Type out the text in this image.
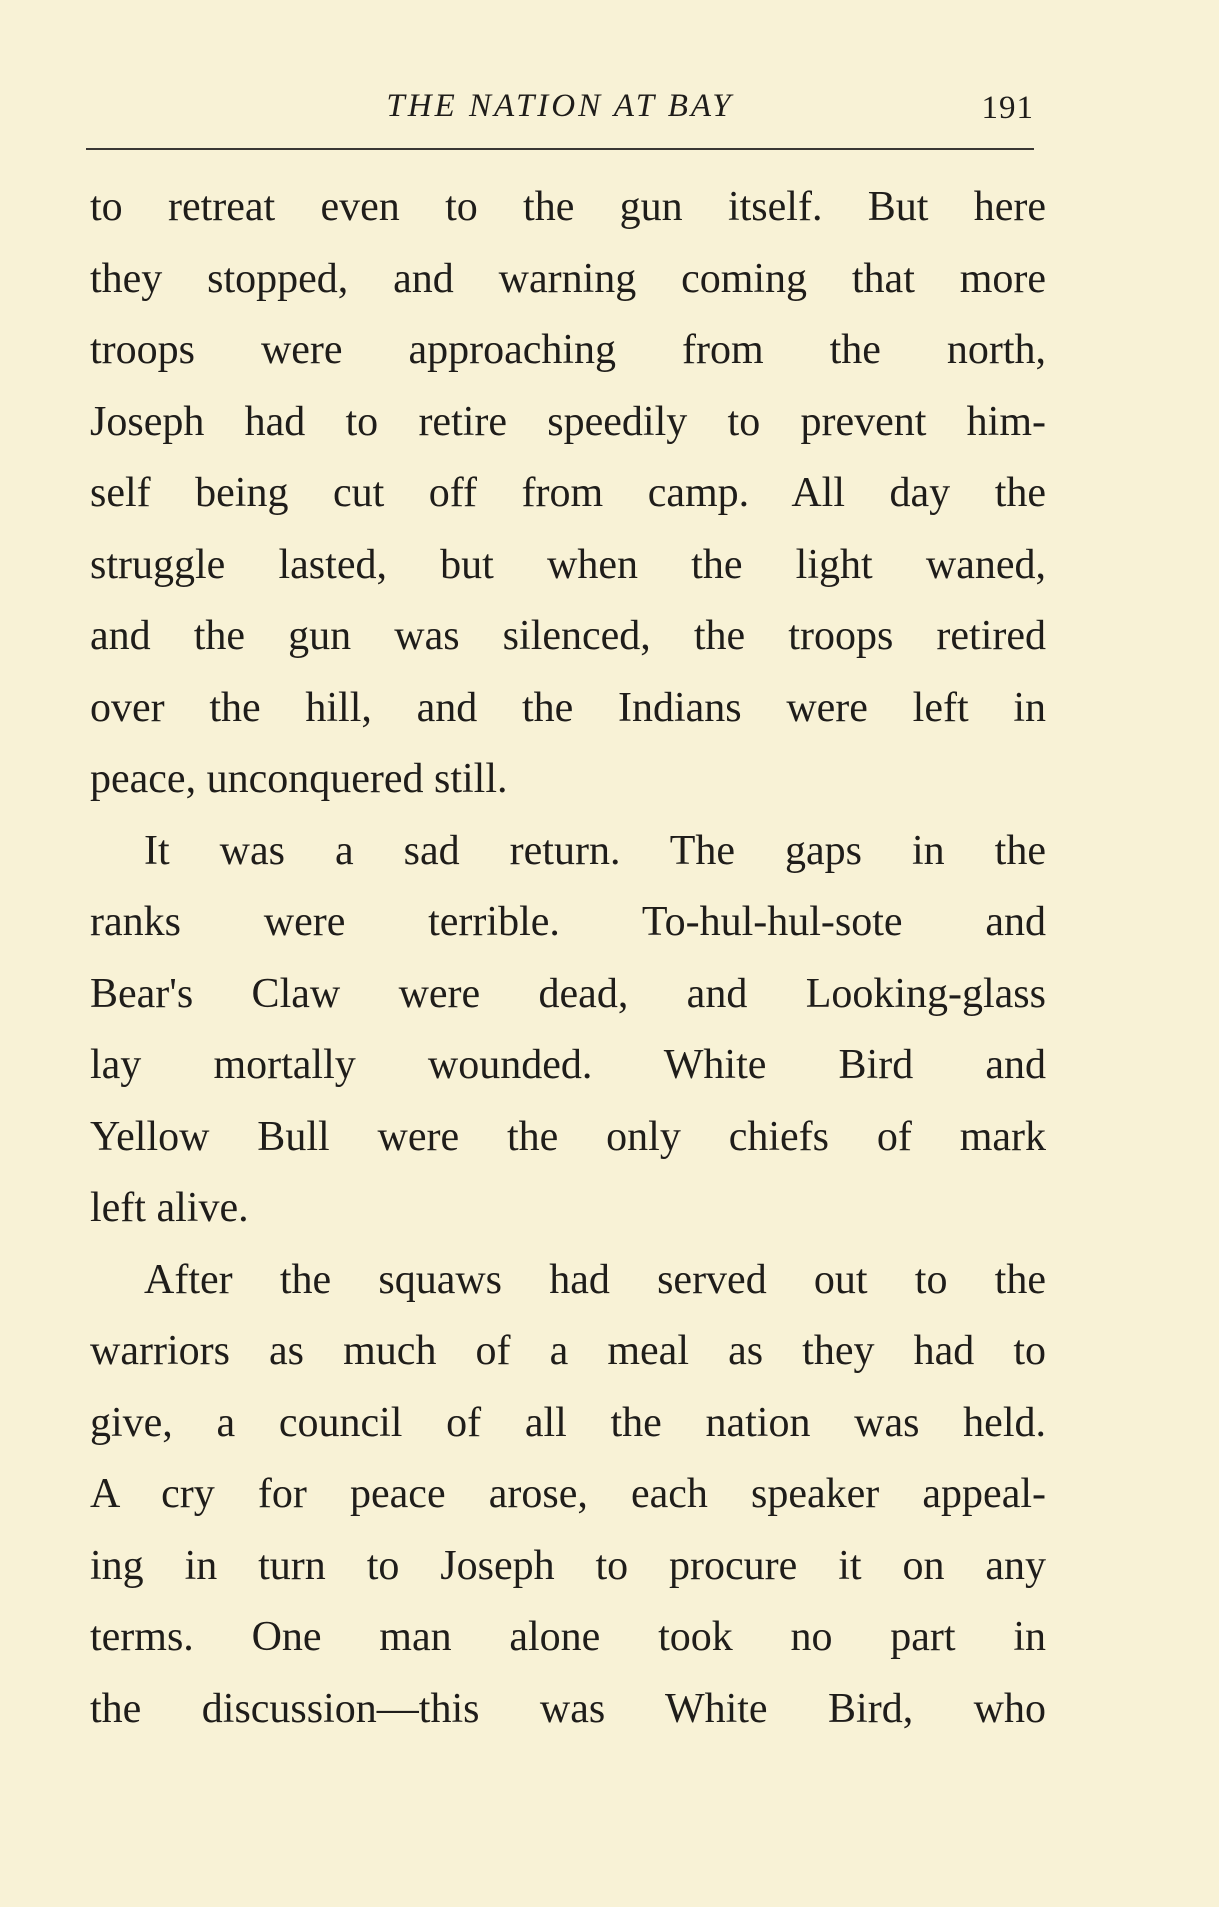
THE NATION AT BAY	191
to retreat even to the gun itself. But here
they stopped, and warning coming that more
troops were approaching from the north,
Joseph had to retire speedily to prevent him-
self being cut off from camp. All day the
struggle lasted, but when the light waned,
and the gun was silenced, the troops retired
over the hill, and the Indians were left in
peace, unconquered still.
It was a sad return. The gaps in the
ranks were terrible. To-hul-hul-sote and
Bear's Claw were dead, and Looking-glass
lay mortally wounded. White Bird and
Yellow Bull were the only chiefs of mark
left alive.
After the squaws had served out to the
warriors as much of a meal as they had to
give, a council of all the nation was held.
A cry for peace arose, each speaker appeal-
ing in turn to Joseph to procure it on any
terms. One man alone took no part in
the discussion—this was White Bird, who
